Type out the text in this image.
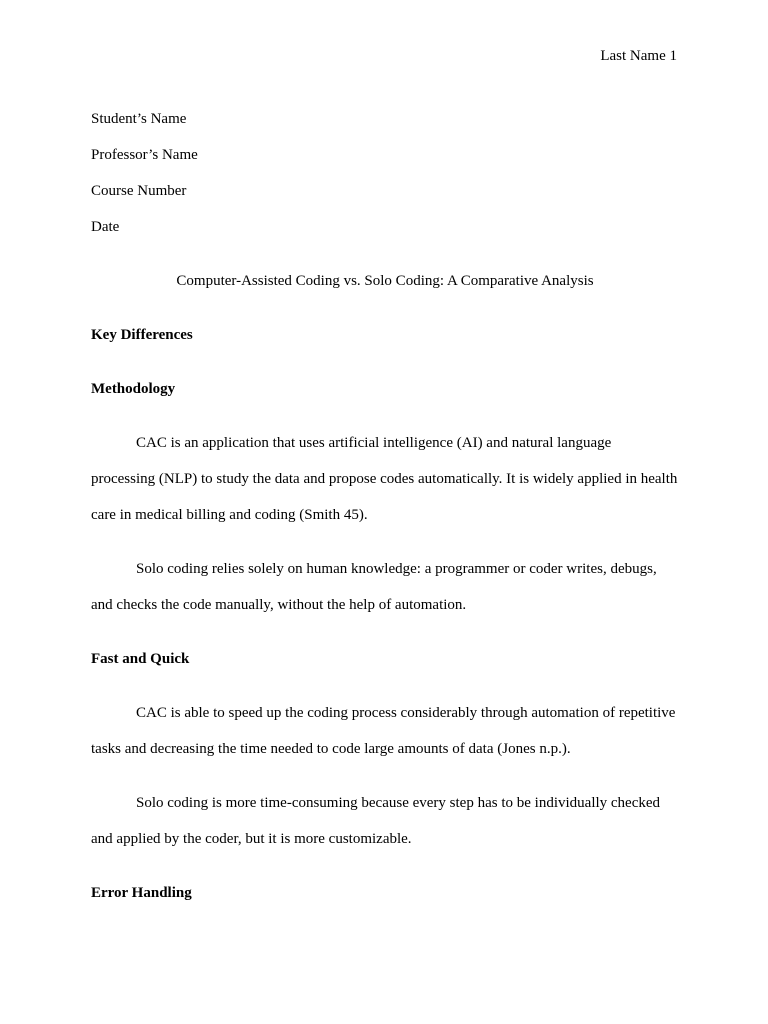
Last Name 1
Student’s Name
Professor’s Name
Course Number
Date
Computer-Assisted Coding vs. Solo Coding: A Comparative Analysis
Key Differences
Methodology

CAC is an application that uses artificial intelligence (AI) and natural language processing (NLP) to study the data and propose codes automatically. It is widely applied in health care in medical billing and coding (Smith 45).

Solo coding relies solely on human knowledge: a programmer or coder writes, debugs, and checks the code manually, without the help of automation.

Fast and Quick

CAC is able to speed up the coding process considerably through automation of repetitive tasks and decreasing the time needed to code large amounts of data (Jones n.p.).

Solo coding is more time-consuming because every step has to be individually checked and applied by the coder, but it is more customizable.

Error Handling
